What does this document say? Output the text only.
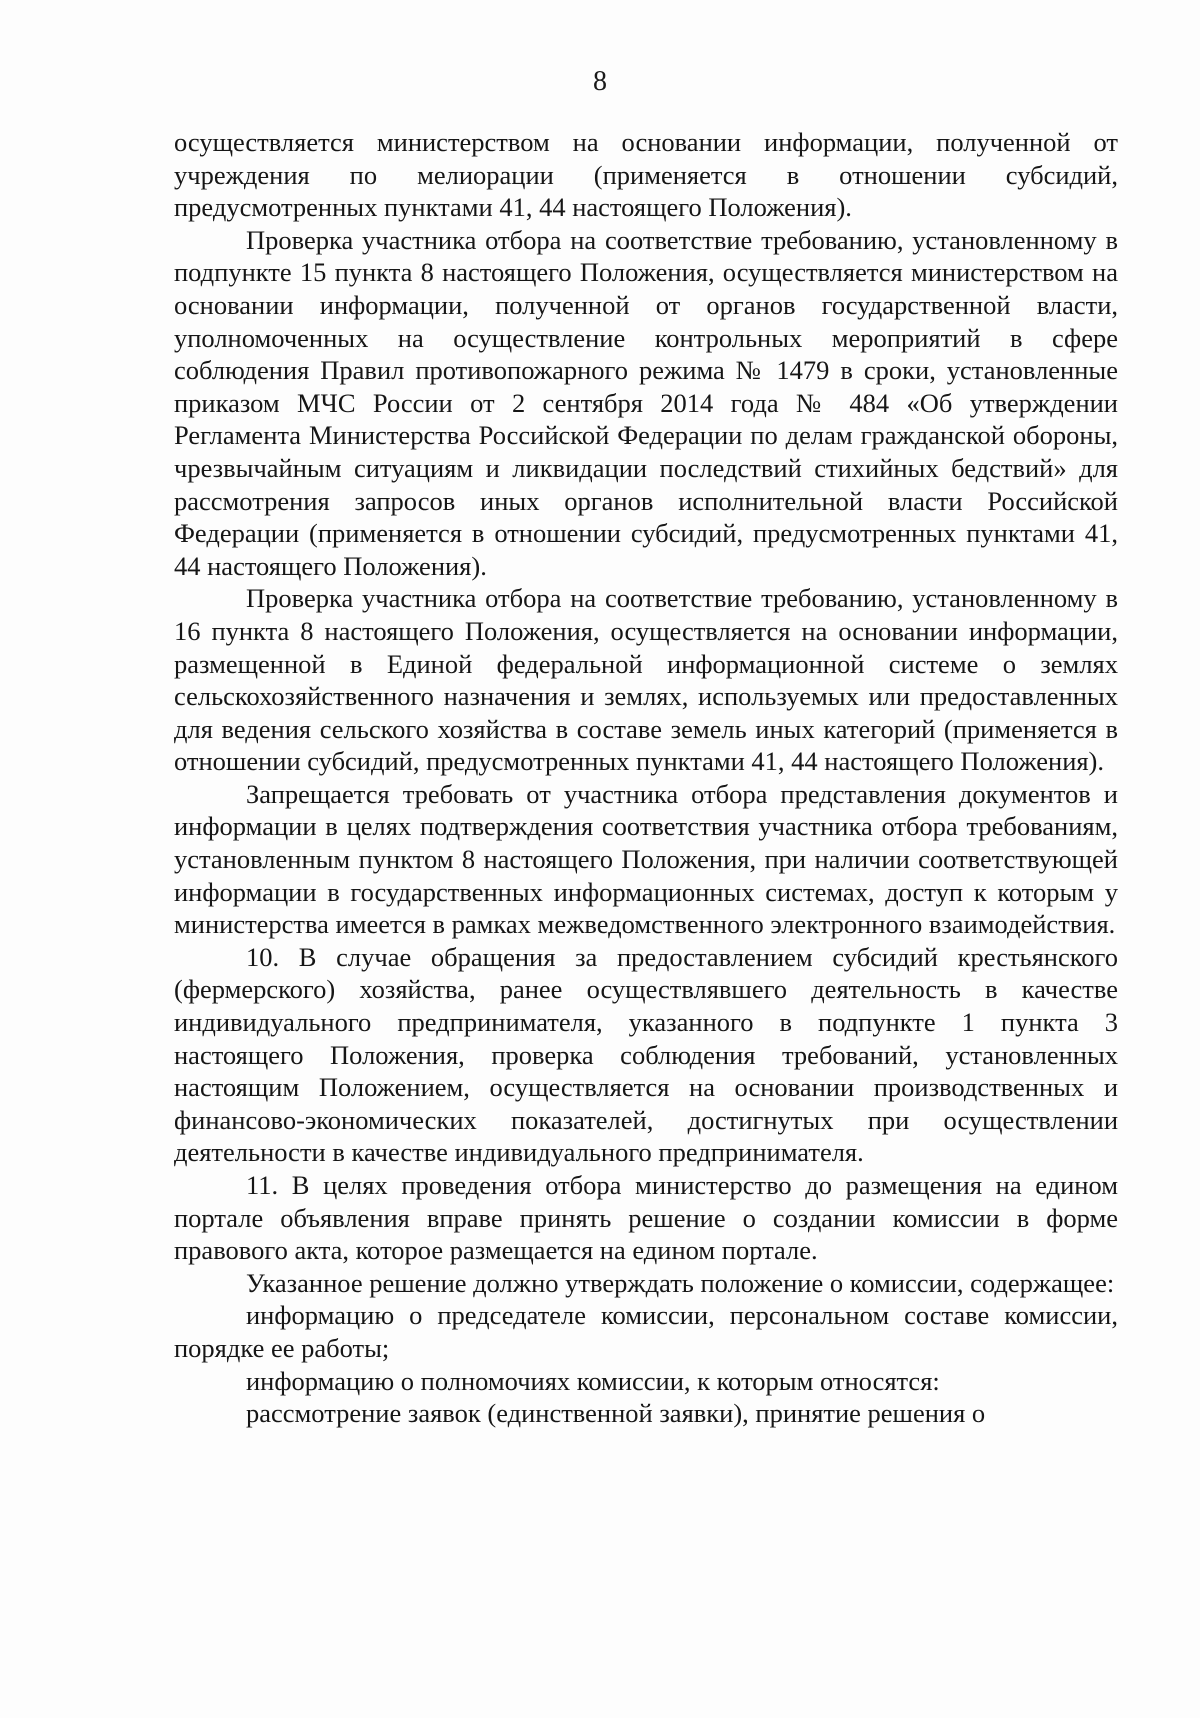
8

осуществляется министерством на основании информации, полученной от учреждения по мелиорации (применяется в отношении субсидий, предусмотренных пунктами 41, 44 настоящего Положения).

Проверка участника отбора на соответствие требованию, установленному в подпункте 15 пункта 8 настоящего Положения, осуществляется министерством на основании информации, полученной от органов государственной власти, уполномоченных на осуществление контрольных мероприятий в сфере соблюдения Правил противопожарного режима № 1479 в сроки, установленные приказом МЧС России от 2 сентября 2014 года № 484 «Об утверждении Регламента Министерства Российской Федерации по делам гражданской обороны, чрезвычайным ситуациям и ликвидации последствий стихийных бедствий» для рассмотрения запросов иных органов исполнительной власти Российской Федерации (применяется в отношении субсидий, предусмотренных пунктами 41, 44 настоящего Положения).

Проверка участника отбора на соответствие требованию, установленному в 16 пункта 8 настоящего Положения, осуществляется на основании информации, размещенной в Единой федеральной информационной системе о землях сельскохозяйственного назначения и землях, используемых или предоставленных для ведения сельского хозяйства в составе земель иных категорий (применяется в отношении субсидий, предусмотренных пунктами 41, 44 настоящего Положения).

Запрещается требовать от участника отбора представления документов и информации в целях подтверждения соответствия участника отбора требованиям, установленным пунктом 8 настоящего Положения, при наличии соответствующей информации в государственных информационных системах, доступ к которым у министерства имеется в рамках межведомственного электронного взаимодействия.

10. В случае обращения за предоставлением субсидий крестьянского (фермерского) хозяйства, ранее осуществлявшего деятельность в качестве индивидуального предпринимателя, указанного в подпункте 1 пункта 3 настоящего Положения, проверка соблюдения требований, установленных настоящим Положением, осуществляется на основании производственных и финансово-экономических показателей, достигнутых при осуществлении деятельности в качестве индивидуального предпринимателя.

11. В целях проведения отбора министерство до размещения на едином портале объявления вправе принять решение о создании комиссии в форме правового акта, которое размещается на едином портале.

Указанное решение должно утверждать положение о комиссии, содержащее:

информацию о председателе комиссии, персональном составе комиссии, порядке ее работы;

информацию о полномочиях комиссии, к которым относятся:

рассмотрение заявок (единственной заявки), принятие решения о
